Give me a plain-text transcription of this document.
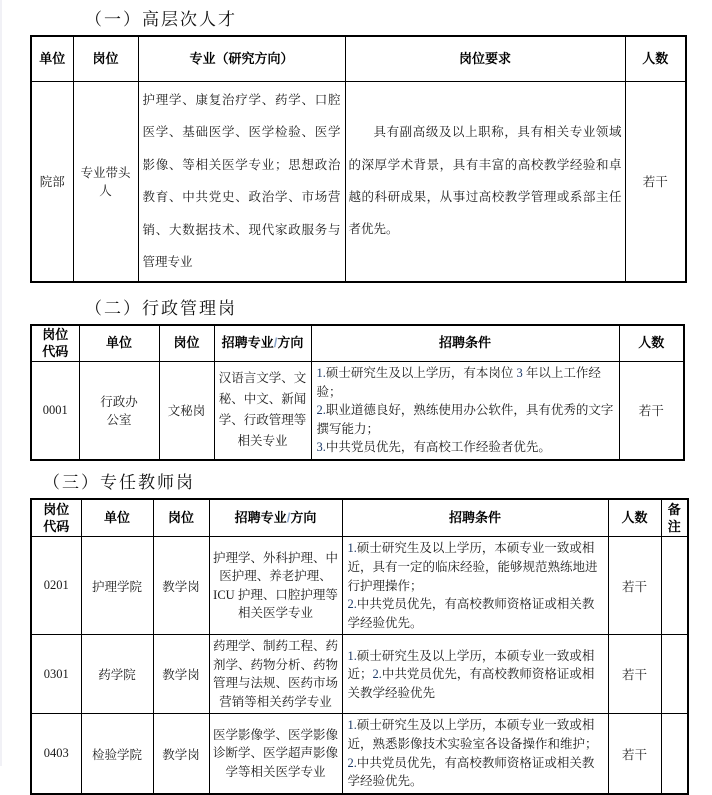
（一）高层次人才
单位	岗位	专业（研究方向）	岗位要求	人数
院部	专业带头人	护理学、康复治疗学、药学、口腔医学、基础医学、医学检验、医学影像、等相关医学专业；思想政治教育、中共党史、政治学、市场营销、大数据技术、现代家政服务与管理专业	具有副高级及以上职称，具有相关专业领域的深厚学术背景，具有丰富的高校教学经验和卓越的科研成果，从事过高校教学管理或系部主任者优先。	若干
（二）行政管理岗
岗位代码	单位	岗位	招聘专业/方向	招聘条件	人数
0001	行政办公室	文秘岗	汉语言文学、文秘、中文、新闻学、行政管理等相关专业	1.硕士研究生及以上学历，有本岗位 3 年以上工作经验；
2.职业道德良好，熟练使用办公软件，具有优秀的文字撰写能力；
3.中共党员优先，有高校工作经验者优先。	若干
（三）专任教师岗
岗位代码	单位	岗位	招聘专业/方向	招聘条件	人数	备注
0201	护理学院	教学岗	护理学、外科护理、中医护理、养老护理、ICU 护理、口腔护理等相关医学专业	1.硕士研究生及以上学历，本硕专业一致或相近，具有一定的临床经验，能够规范熟练地进行护理操作；
2.中共党员优先，有高校教师资格证或相关教学经验优先。	若干	
0301	药学院	教学岗	药理学、制药工程、药剂学、药物分析、药物管理与法规、医药市场营销等相关药学专业	1.硕士研究生及以上学历，本硕专业一致或相近；2.中共党员优先，有高校教师资格证或相关教学经验优先	若干	
0403	检验学院	教学岗	医学影像学、医学影像诊断学、医学超声影像学等相关医学专业	1.硕士研究生及以上学历，本硕专业一致或相近，熟悉影像技术实验室各设备操作和维护；
2.中共党员优先，有高校教师资格证或相关教学经验优先。	若干	
